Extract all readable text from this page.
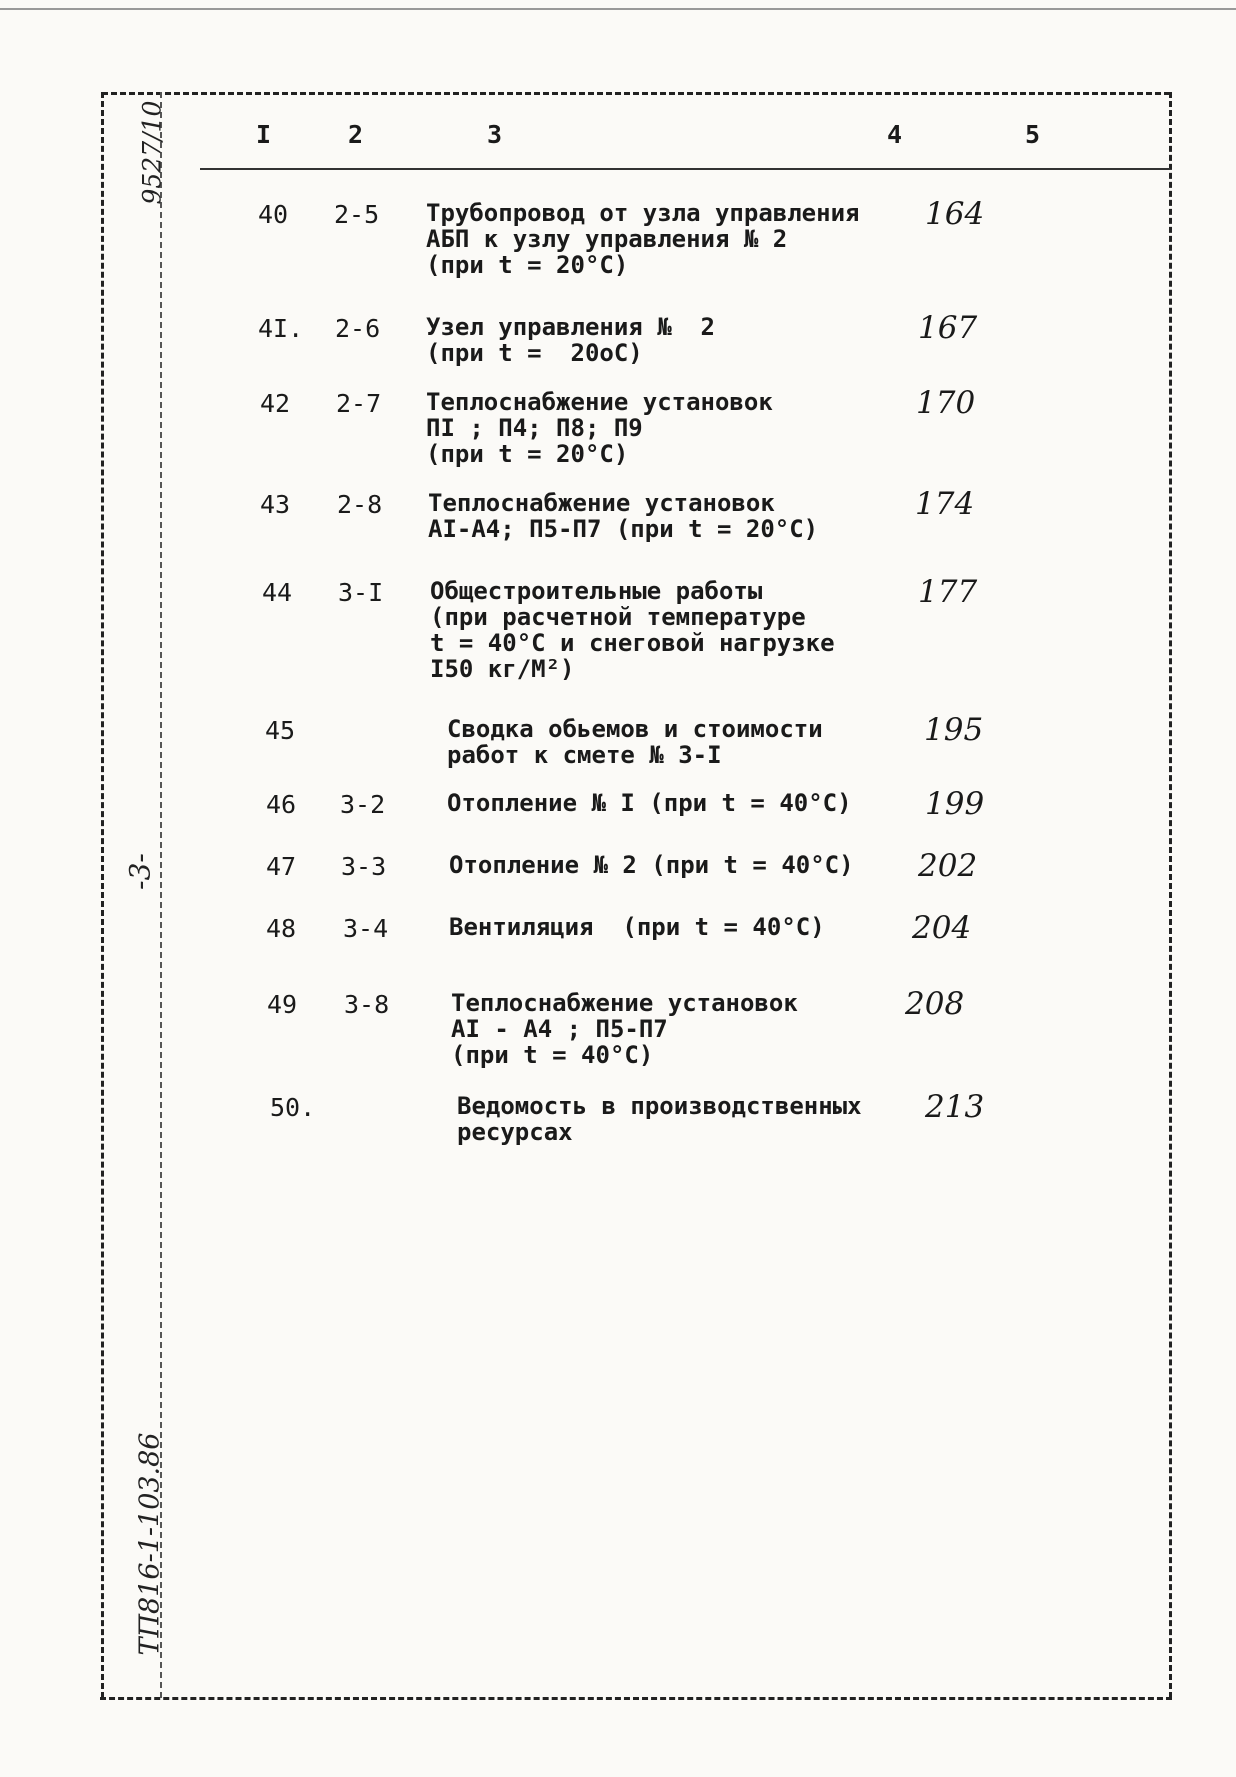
9527/10
-3-
ТП816-1-103.86
I	2	3	4	5
40 2-5 Трубопровод от узла управления
АБП к узлу управления № 2
(при t = 20°С)
164
4I. 2-6 Узел управления №  2
(при t =  20оС)
167
42 2-7 Теплоснабжение установок
ПI ; П4; П8; П9
(при t = 20°С)
170
43 2-8 Теплоснабжение установок
АI-А4; П5-П7 (при t = 20°С)
174
44 3-I Общестроительные работы
(при расчетной температуре
t = 40°С и снеговой нагрузке
I50 кг/М²)
177
45	Сводка обьемов и стоимости
работ к смете № 3-I
195
46 3-2	Отопление № I (при t = 40°С) 199
47 3-3	Отопление № 2 (при t = 40°С) 202
48 3-4	Вентиляция  (при t = 40°С)	204
49 3-8	Теплоснабжение установок
АI - А4 ; П5-П7
(при t = 40°С)
208
50.	Ведомость в производственных
ресурсах
213
